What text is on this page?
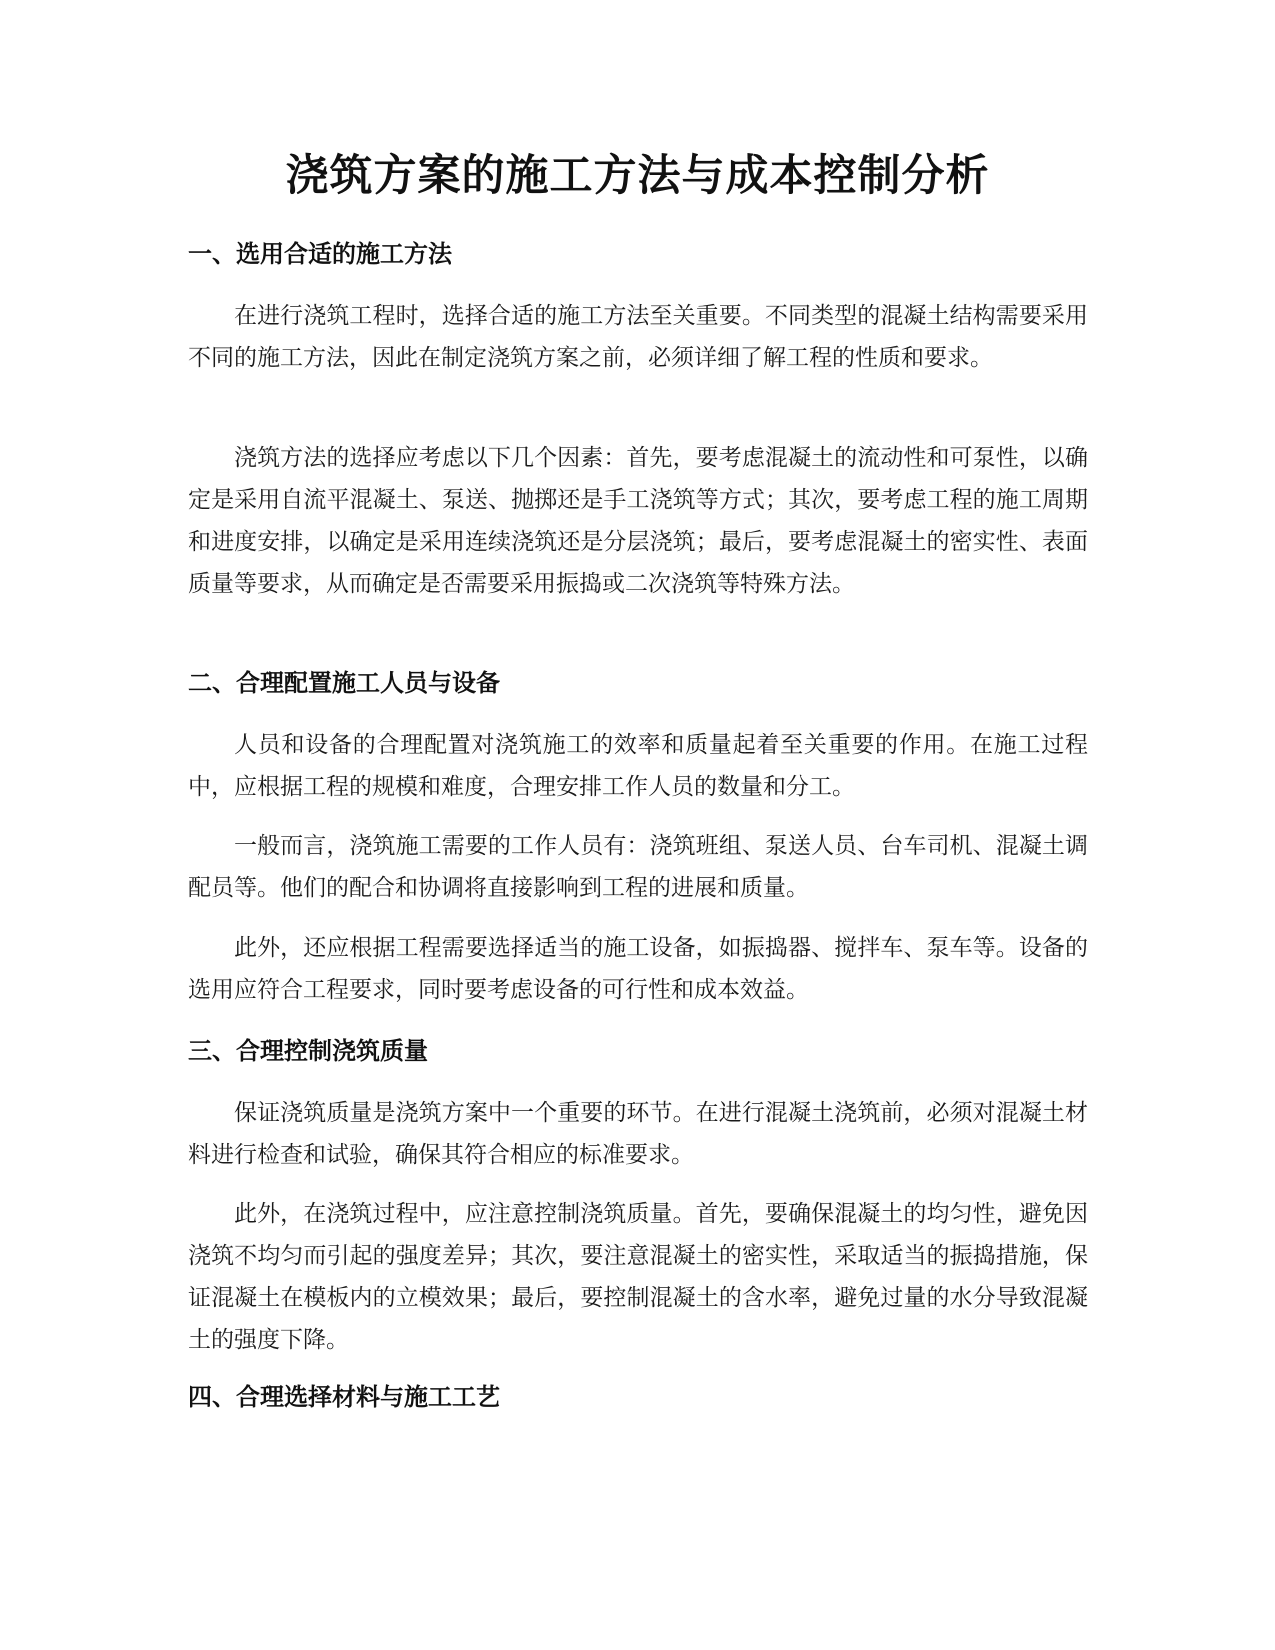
浇筑方案的施工方法与成本控制分析
一、选用合适的施工方法

在进行浇筑工程时，选择合适的施工方法至关重要。不同类型的混凝土结构需要采用不同的施工方法，因此在制定浇筑方案之前，必须详细了解工程的性质和要求。

浇筑方法的选择应考虑以下几个因素：首先，要考虑混凝土的流动性和可泵性，以确定是采用自流平混凝土、泵送、抛掷还是手工浇筑等方式；其次，要考虑工程的施工周期和进度安排，以确定是采用连续浇筑还是分层浇筑；最后，要考虑混凝土的密实性、表面质量等要求，从而确定是否需要采用振捣或二次浇筑等特殊方法。

二、合理配置施工人员与设备

人员和设备的合理配置对浇筑施工的效率和质量起着至关重要的作用。在施工过程中，应根据工程的规模和难度，合理安排工作人员的数量和分工。

一般而言，浇筑施工需要的工作人员有：浇筑班组、泵送人员、台车司机、混凝土调配员等。他们的配合和协调将直接影响到工程的进展和质量。

此外，还应根据工程需要选择适当的施工设备，如振捣器、搅拌车、泵车等。设备的选用应符合工程要求，同时要考虑设备的可行性和成本效益。

三、合理控制浇筑质量

保证浇筑质量是浇筑方案中一个重要的环节。在进行混凝土浇筑前，必须对混凝土材料进行检查和试验，确保其符合相应的标准要求。

此外，在浇筑过程中，应注意控制浇筑质量。首先，要确保混凝土的均匀性，避免因浇筑不均匀而引起的强度差异；其次，要注意混凝土的密实性，采取适当的振捣措施，保证混凝土在模板内的立模效果；最后，要控制混凝土的含水率，避免过量的水分导致混凝土的强度下降。

四、合理选择材料与施工工艺
